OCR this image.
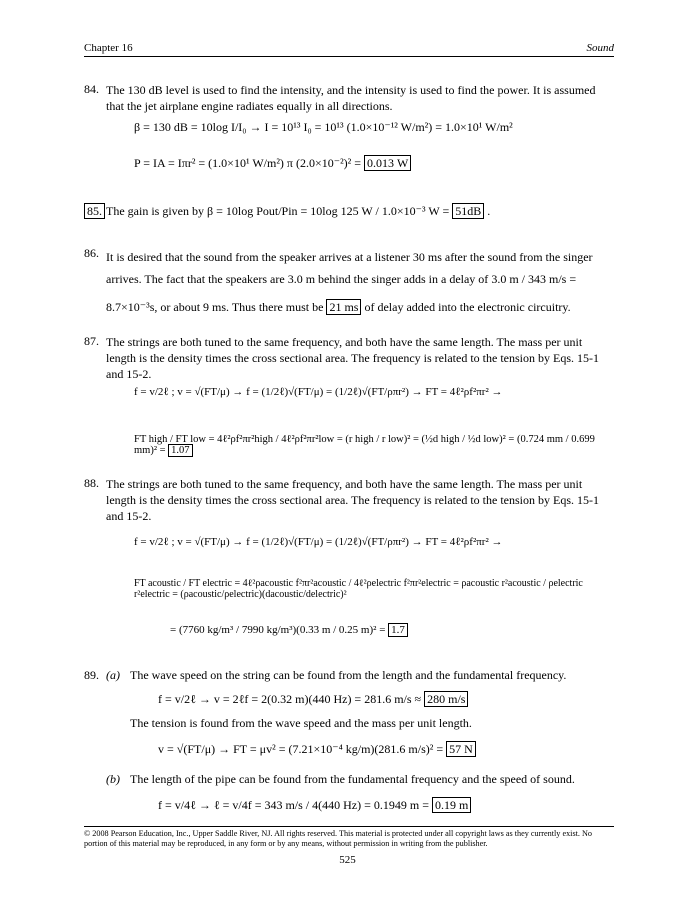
Chapter 16	Sound
84. The 130 dB level is used to find the intensity, and the intensity is used to find the power. It is assumed that the jet airplane engine radiates equally in all directions.
β = 130 dB = 10log I/I₀ → I = 10¹³ I₀ = 10¹³ (1.0×10⁻¹² W/m²) = 1.0×10¹ W/m²
P = IA = Iπr² = (1.0×10¹ W/m²) π (2.0×10⁻²)² = 0.013 W
85. The gain is given by β = 10log Pout/Pin = 10log 125 W / 1.0×10⁻³ W = 51dB .
86. It is desired that the sound from the speaker arrives at a listener 30 ms after the sound from the singer arrives. The fact that the speakers are 3.0 m behind the singer adds in a delay of 3.0 m / 343 m/s =
8.7×10⁻³s, or about 9 ms. Thus there must be 21 ms of delay added into the electronic circuitry.
87. The strings are both tuned to the same frequency, and both have the same length. The mass per unit length is the density times the cross sectional area. The frequency is related to the tension by Eqs. 15-1 and 15-2.
f = v/2ℓ ; v = √(FT/μ) → f = (1/2ℓ)√(FT/μ) = (1/2ℓ)√(FT/ρπr²) → FT = 4ℓ²ρf²πr² →
FT high / FT low = 4ℓ²ρf²πr²high / 4ℓ²ρf²πr²low = (r high / r low)² = (½d high / ½d low)² = (0.724 mm / 0.699 mm)² = 1.07
88. The strings are both tuned to the same frequency, and both have the same length. The mass per unit length is the density times the cross sectional area. The frequency is related to the tension by Eqs. 15-1 and 15-2.
f = v/2ℓ ; v = √(FT/μ) → f = (1/2ℓ)√(FT/μ) = (1/2ℓ)√(FT/ρπr²) → FT = 4ℓ²ρf²πr² →
FT acoustic / FT electric = 4ℓ²ρacoustic f²πr²acoustic / 4ℓ²ρelectric f²πr²electric = ρacoustic r²acoustic / ρelectric r²electric = (ρacoustic/ρelectric)(dacoustic/delectric)²
= (7760 kg/m³ / 7990 kg/m³)(0.33 m / 0.25 m)² = 1.7
89. (a) The wave speed on the string can be found from the length and the fundamental frequency.
f = v/2ℓ → v = 2ℓf = 2(0.32 m)(440 Hz) = 281.6 m/s ≈ 280 m/s
The tension is found from the wave speed and the mass per unit length.
v = √(FT/μ) → FT = μv² = (7.21×10⁻⁴ kg/m)(281.6 m/s)² = 57 N
(b) The length of the pipe can be found from the fundamental frequency and the speed of sound.
f = v/4ℓ → ℓ = v/4f = 343 m/s / 4(440 Hz) = 0.1949 m = 0.19 m
© 2008 Pearson Education, Inc., Upper Saddle River, NJ. All rights reserved. This material is protected under all copyright laws as they currently exist. No portion of this material may be reproduced, in any form or by any means, without permission in writing from the publisher.
525
